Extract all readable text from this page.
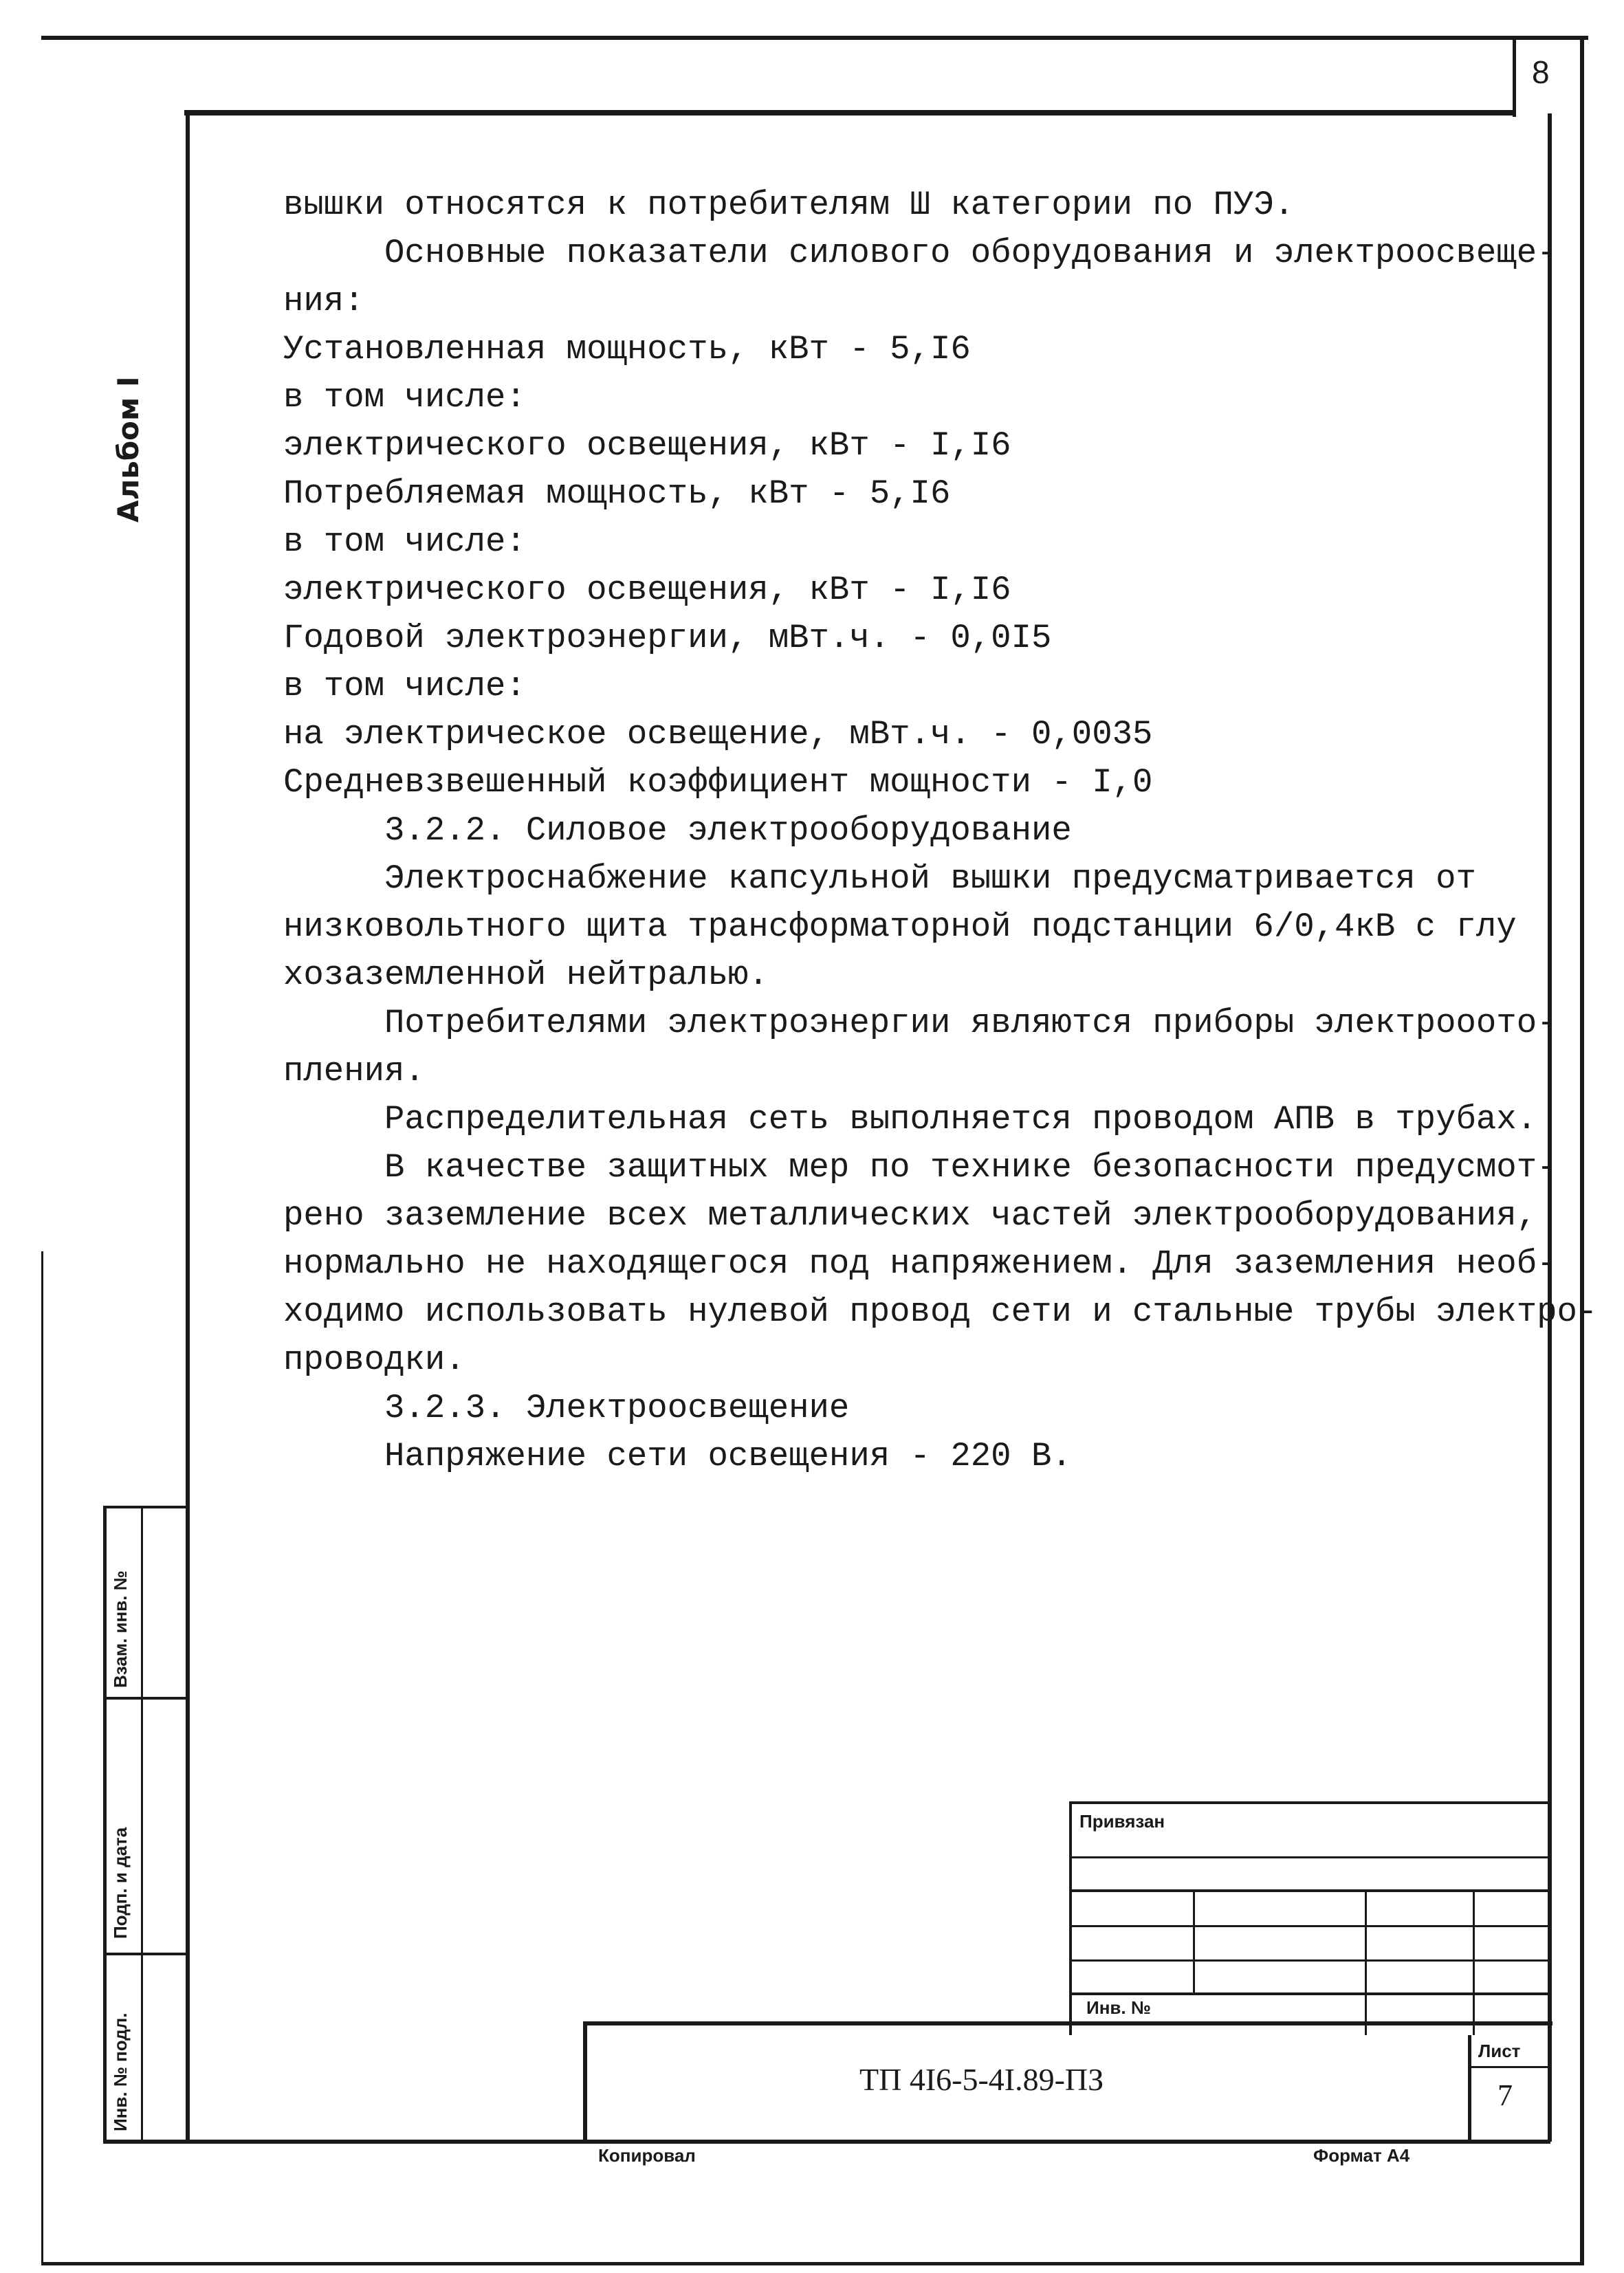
8
Альбом I
Взам. инв. №
Подп. и дата
Инв. № подл.
вышки относятся к потребителям Ш категории по ПУЭ.
Основные показатели силового оборудования и электроосвеще-
ния:
Установленная мощность, кВт - 5,I6
в том числе:
электрического освещения, кВт - I,I6
Потребляемая мощность, кВт - 5,I6
в том числе:
электрического освещения, кВт - I,I6
Годовой электроэнергии, мВт.ч. - 0,0I5
в том числе:
на электрическое освещение, мВт.ч. - 0,0035
Средневзвешенный коэффициент мощности - I,0
3.2.2. Силовое электрооборудование
Электроснабжение капсульной вышки предусматривается от
низковольтного щита трансформаторной подстанции 6/0,4кВ с глу
хозаземленной нейтралью.
Потребителями электроэнергии являются приборы электрооото-
пления.
Распределительная сеть выполняется проводом АПВ в трубах.
В качестве защитных мер по технике безопасности предусмот-
рено заземление всех металлических частей электрооборудования,
нормально не находящегося под напряжением. Для заземления необ-
ходимо использовать нулевой провод сети и стальные трубы электро-
проводки.
3.2.3. Электроосвещение
Напряжение сети освещения - 220 В.
Привязан
Инв. №
ТП 4I6-5-4I.89-ПЗ
Лист
7
Копировал	Формат А4
